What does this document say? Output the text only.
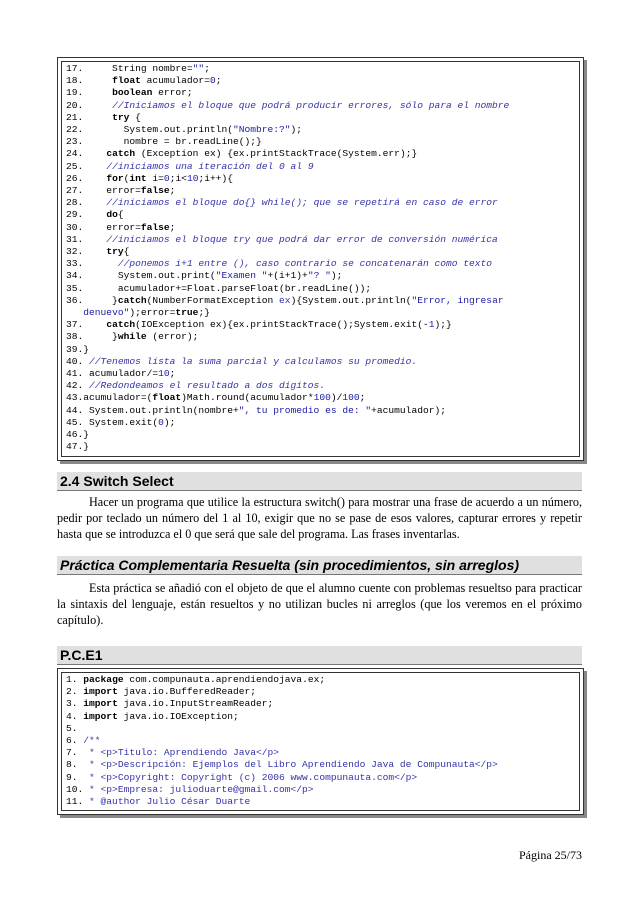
17.     String nombre="";
18.     float acumulador=0;
19.     boolean error;
20.     //Iniciamos el bloque que podrá producir errores, sólo para el nombre
21.     try {
22.       System.out.println("Nombre:?");
23.       nombre = br.readLine();}
24.    catch (Exception ex) {ex.printStackTrace(System.err);}
25.    //iniciamos una iteración del 0 al 9
26.    for(int i=0;i<10;i++){
27.    error=false;
28.    //iniciamos el bloque do{} while(); que se repetirá en caso de error
29.    do{
30.    error=false;
31.    //iniciamos el bloque try que podrá dar error de conversión numérica
32.    try{
33.      //ponemos i+1 entre (), caso contrario se concatenarán como texto
34.      System.out.print("Examen "+(i+1)+"? ");
35.      acumulador+=Float.parseFloat(br.readLine());
36.     }catch(NumberFormatException ex){System.out.println("Error, ingresar
denuevo");error=true;}
37.    catch(IOException ex){ex.printStackTrace();System.exit(-1);}
38.     }while (error);
39.}
40. //Tenemos lista la suma parcial y calculamos su promedio.
41. acumulador/=10;
42. //Redondeamos el resultado a dos digitos.
43.acumulador=(float)Math.round(acumulador*100)/100;
44. System.out.println(nombre+", tu promedio es de: "+acumulador);
45. System.exit(0);
46.}
47.}
2.4 Switch Select
Hacer un programa que utilice la estructura switch() para mostrar una frase de acuerdo a un número, pedir por teclado un número del 1 al 10, exigir que no se pase de esos valores, capturar errores y repetir hasta que se introduzca el 0 que será que sale del programa. Las frases inventarlas.
Práctica Complementaria Resuelta (sin procedimientos, sin arreglos)
Esta práctica se añadió con el objeto de que el alumno cuente con problemas resueltso para practicar la sintaxis del lenguaje, están resueltos y no utilizan bucles ni arreglos (que los veremos en el próximo capítulo).
P.C.E1
1. package com.compunauta.aprendiendojava.ex;
2. import java.io.BufferedReader;
3. import java.io.InputStreamReader;
4. import java.io.IOException;
5.
6. /**
7.  * <p>Titulo: Aprendiendo Java</p>
8.  * <p>Descripción: Ejemplos del Libro Aprendiendo Java de Compunauta</p>
9.  * <p>Copyright: Copyright (c) 2006 www.compunauta.com</p>
10. * <p>Empresa: julioduarte@gmail.com</p>
11. * @author Julio César Duarte
Página 25/73
